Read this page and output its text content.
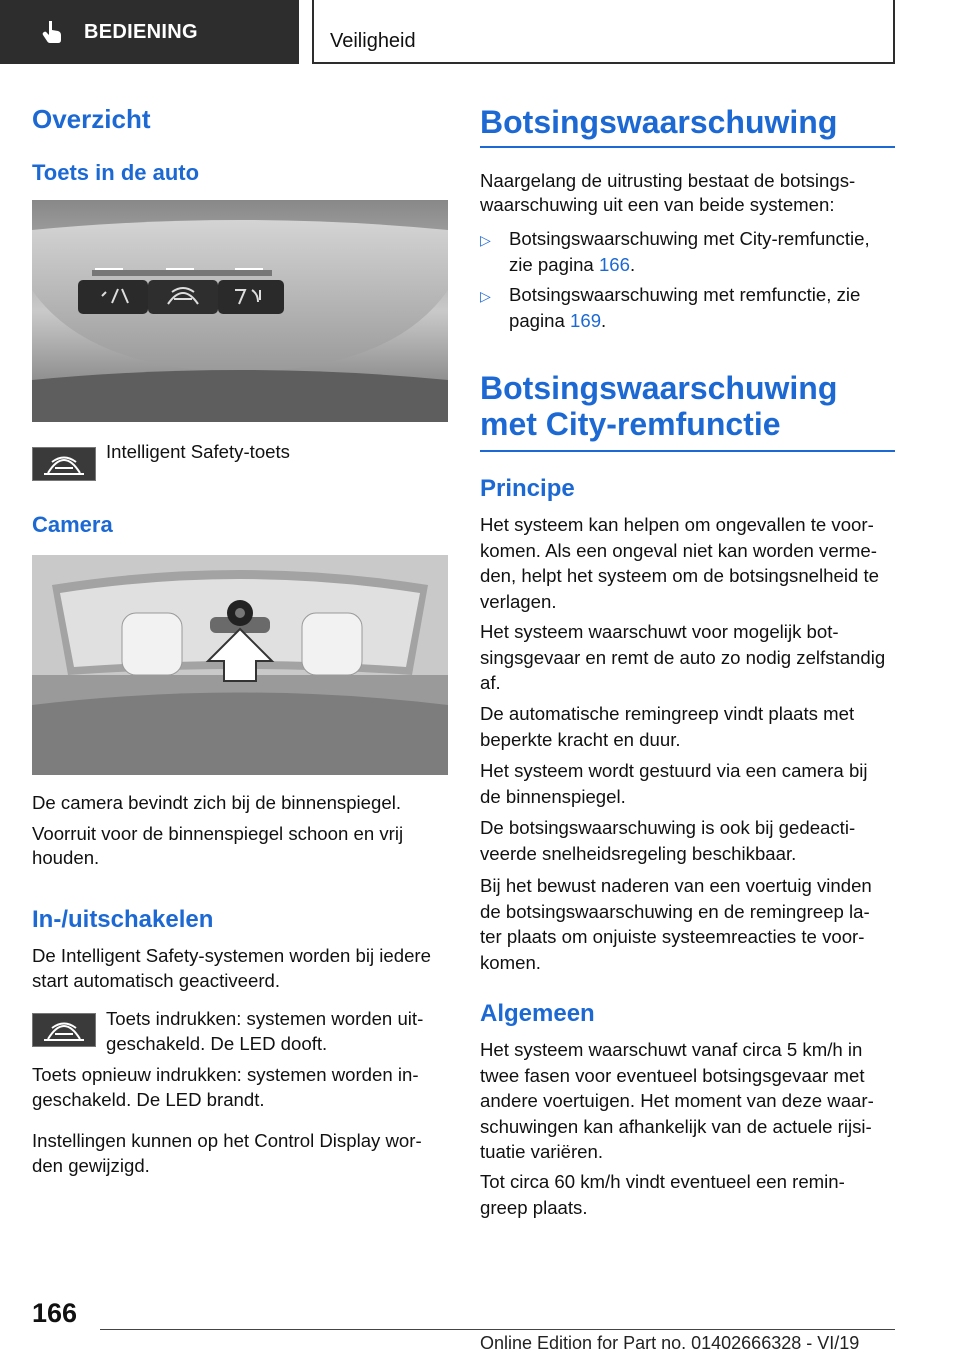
BEDIENING	Veiligheid
Overzicht
Toets in de auto
Intelligent Safety-toets
Camera
De camera bevindt zich bij de binnenspiegel.
Voorruit voor de binnenspiegel schoon en vrij
houden.
In-/uitschakelen
De Intelligent Safety-systemen worden bij iedere
start automatisch geactiveerd.
Toets indrukken: systemen worden uit-
geschakeld. De LED dooft.
Toets opnieuw indrukken: systemen worden in-
geschakeld. De LED brandt.
Instellingen kunnen op het Control Display wor-
den gewijzigd.
Botsingswaarschuwing
Naargelang de uitrusting bestaat de botsings-
waarschuwing uit een van beide systemen:
▷ Botsingswaarschuwing met City-remfunctie,
zie pagina 166.
▷ Botsingswaarschuwing met remfunctie, zie
pagina 169.
Botsingswaarschuwing
met City-remfunctie
Principe
Het systeem kan helpen om ongevallen te voor-
komen. Als een ongeval niet kan worden verme-
den, helpt het systeem om de botsingsnelheid te
verlagen.
Het systeem waarschuwt voor mogelijk bot-
singsgevaar en remt de auto zo nodig zelfstandig
af.
De automatische remingreep vindt plaats met
beperkte kracht en duur.
Het systeem wordt gestuurd via een camera bij
de binnenspiegel.
De botsingswaarschuwing is ook bij gedeacti-
veerde snelheidsregeling beschikbaar.
Bij het bewust naderen van een voertuig vinden
de botsingswaarschuwing en de remingreep la-
ter plaats om onjuiste systeemreacties te voor-
komen.
Het systeem waarschuwt vanaf circa 5 km/h in
twee fasen voor eventueel botsingsgevaar met
andere voertuigen. Het moment van deze waar-
schuwingen kan afhankelijk van de actuele rijsi-
tuatie variëren.
Tot circa 60 km/h vindt eventueel een remin-
greep plaats.
Algemeen
166
Online Edition for Part no. 01402666328 - VI/19
